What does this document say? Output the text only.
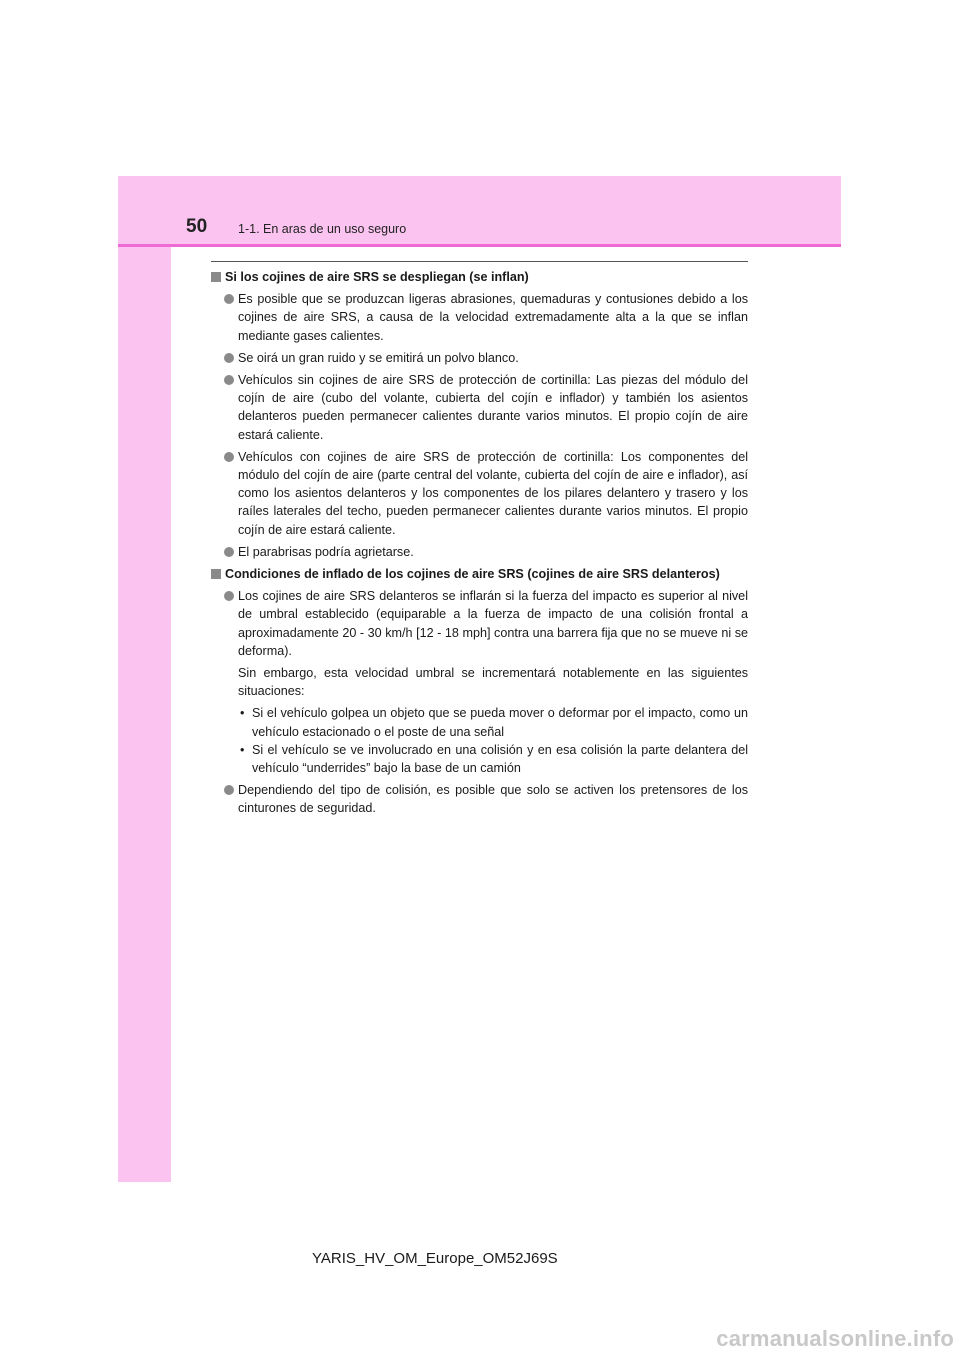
50 1-1. En aras de un uso seguro
Si los cojines de aire SRS se despliegan (se inflan)
Es posible que se produzcan ligeras abrasiones, quemaduras y contusiones debido a los cojines de aire SRS, a causa de la velocidad extremadamente alta a la que se inflan mediante gases calientes.
Se oirá un gran ruido y se emitirá un polvo blanco.
Vehículos sin cojines de aire SRS de protección de cortinilla: Las piezas del módulo del cojín de aire (cubo del volante, cubierta del cojín e inflador) y también los asientos delanteros pueden permanecer calientes durante varios minutos. El propio cojín de aire estará caliente.
Vehículos con cojines de aire SRS de protección de cortinilla: Los componentes del módulo del cojín de aire (parte central del volante, cubierta del cojín de aire e inflador), así como los asientos delanteros y los componentes de los pilares delantero y trasero y los raíles laterales del techo, pueden permanecer calientes durante varios minutos. El propio cojín de aire estará caliente.
El parabrisas podría agrietarse.
Condiciones de inflado de los cojines de aire SRS (cojines de aire SRS delanteros)
Los cojines de aire SRS delanteros se inflarán si la fuerza del impacto es superior al nivel de umbral establecido (equiparable a la fuerza de impacto de una colisión frontal a aproximadamente 20 - 30 km/h [12 - 18 mph] contra una barrera fija que no se mueve ni se deforma).
Sin embargo, esta velocidad umbral se incrementará notablemente en las siguientes situaciones:
• Si el vehículo golpea un objeto que se pueda mover o deformar por el impacto, como un vehículo estacionado o el poste de una señal
• Si el vehículo se ve involucrado en una colisión y en esa colisión la parte delantera del vehículo “underrides” bajo la base de un camión
Dependiendo del tipo de colisión, es posible que solo se activen los pretensores de los cinturones de seguridad.
YARIS_HV_OM_Europe_OM52J69S
carmanualsonline.info
